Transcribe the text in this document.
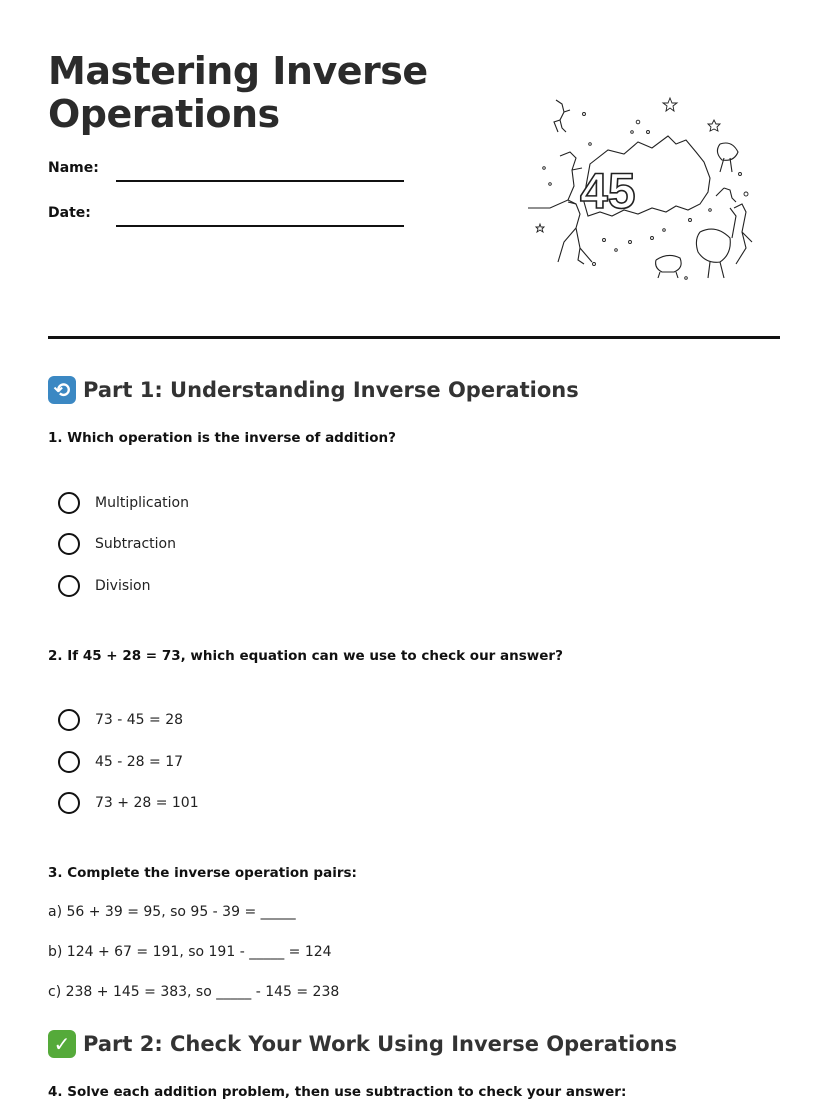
Mastering Inverse Operations
Name:
Date:	45
⟲ Part 1: Understanding Inverse Operations
1. Which operation is the inverse of addition?
Multiplication
Subtraction
Division
2. If 45 + 28 = 73, which equation can we use to check our answer?
73 - 45 = 28
45 - 28 = 17
73 + 28 = 101
3. Complete the inverse operation pairs:
a) 56 + 39 = 95, so 95 - 39 = _____
b) 124 + 67 = 191, so 191 - _____ = 124
c) 238 + 145 = 383, so _____ - 145 = 238
✓ Part 2: Check Your Work Using Inverse Operations
4. Solve each addition problem, then use subtraction to check your answer:
